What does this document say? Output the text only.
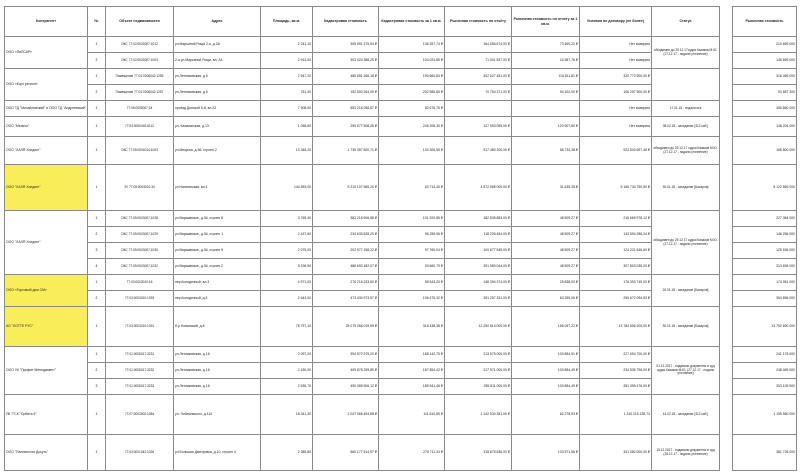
Контрагент	№	Объект недвижимости	Адрес	Площадь, кв.м.	Кадастровая стоимость	Кадастровая стоимость за 1 кв.м.	Рыночная стоимость по отчёту	Рыночная стоимость по отчету за 1 кв.м.	Условия по договору (не более)	Статус		Рыночная стоимость
ООО «ПиЛСАР»	1	ОКС 77:02:0024007:1012	ул.Марьиной Рощи 2-я, д.2А	2 241,10	305 591 375,94 ₽	136 357,74 ₽	164 656 674,00 ₽	73 469,21 ₽	Нет возврата	обходимен до 29.12.17судья Казаков М.Ю. (27.12.17 - подали уточнение)		210 659 000
	2	ОКС 77:02:0024007:1003	2-я ул.Марьиной Рощи, вл. 2А	2 913,00	303 024 388,25 ₽	104 024,85 ₽	71 041 537,00 ₽	24 387,76 ₽	Нет возврата			145 659 000
ООО «Корт регион»	1	Помещение 77:01:0006042:1255	ул.Летниковская, д.5	2 547,20	485 651 266,18 ₽	190 660,83 ₽	302 627 451,00 ₽	118 811,81 ₽	320 772 900,00 ₽			316 469 000
	2	Помещение 77:01:0006042:1257	ул.Летниковская, д.5	751,30	152 500 264,09 ₽	202 985,80 ₽	70 754 371,00 ₽	94 202,00 ₽	106 257 900,00 ₽			93 887 300
ООО ТД "Михайловский" и ООО ТД "Андреевский"	1	77:05:0005007:24	проезд Донской 5-й, вл.23	7 908,00	653 216 058,87 ₽	82 676,76 ₽			Нет возврата	17.01.18 - подали иск		355 860 000
ООО "Менкол"	1	77:03:0000440:5112	ул. Казачинская, д.13	1 058,60	259 577 506,28 ₽	245 208,30 ₽	127 993 059,00 ₽	120 907,80 ₽	Нет возврата	08.02.18 - заседание [312 каб.]		148 204 000
ООО "ХАЛЯ Холдинг"	1	ОКС 77:05:0004014:1003	ул.Мещеня, д.36, строен 2	13 348,20	1 739 357 800,71 ₽	130 306,55 ₽	917 480 200,00 ₽	68 734,38 ₽	922 540 697,48 ₽	обходимен до 29.12.17 судья Казаков М.Ю. (27.12.17 - подали уточнение)		155 800 000
ООО "ХАЛЯ Холдинг"	1	ЗУ 77:05:0004001:34	ул.Нагатинская, вл.1	144 553,00	9 210 107 665,20 ₽	63 714,40 ₽	4 572 985 000,00 ₽	31 635,35 ₽	5 166 734 750,50 ₽	30.01.18 - заседание [Басаров]		5 122 569 000
ООО "ХАЛЯ Холдинг"	1	ОКС 77:05:0003007:1028	ул.Варшавское, д.36, строен 8	3 769,40	383 218 906,88 ₽	101 920,85 ₽	182 835 883,00 ₽	48 505,27 ₽	216 669 978,12 ₽	обходимен до 29.12.17 судья Казаков М.Ю. (27.12.17 - подали уточнение)		227 364 000
	2	ОКС 77:05:0003007:1029	ул.Варшавское, д.36, строен 1	2 437,60	234 633 528,20 ₽	96 255,96 ₽	118 236 454,00 ₽	48 505,27 ₽	143 594 286,24 ₽			146 256 000
	3	ОКС 77:05:0003007:1030	ул.Варшавское, д.36, строен 9	2 075,00	202 977 158,22 ₽	97 760,04 ₽	100 677 545,00 ₽	48 505,27 ₽	124 221 546,60 ₽			125 536 000
	4	ОКС 77:05:0003007:1032	ул.Варшавское, д.36, строен 2	5 196,90	486 693 182,07 ₽	93 660,79 ₽	251 980 044,00 ₽	48 505,27 ₽	307 803 035,20 ₽			313 694 000
ООО «Торговый дом СМ»	1	77:03:0003010:16	пер.Колодезный, вл.3	4 971,00	276 216 233,60 ₽	55 543,20 ₽	148 394 374,00 ₽	29 838,00 ₽	176 393 749,00 ₽	20.01.18 - заседание [Басаров]		174 051 000
	2	77:03:0003010:1093	пер.Колодезный, д.3	2 643,00	473 430 973,57 ₽	106 475,32 ₽	281 257 331,00 ₽	63 255,06 ₽	290 672 094,53 ₽			354 656 000
АО "ЛОТТЕ РУС"	1	77:03:0003010:1091	б-р Новинский, д.8	78 757,10	25 079 266 019,99 ₽	318 438,38 ₽	12 290 614 000,00 ₽	156 057,22 ₽	13 784 596 200,00 ₽	30.01.18 - заседание [Басаров]		13 792 690 000
ООО УК "Профит Менеджмент"	1	77:01:0006017:3231	ул.Летниковская, д.16	2 097,20	394 572 975,20 ₽	188 142,75 ₽	213 575 000,00 ₽	100 884,51 ₽	227 654 700,00 ₽	01.12.2017 - подавали документы в суд судья Казаков М.Ю. (27.12.17 - подали уточнение)		241 178 000
	2	77:01:0006017:3232	ул.Летниковская, д.16	2 150,00	409 878 259,89 ₽	187 854,42 ₽	217 971 000,00 ₽	100 884,49 ₽	234 536 796,00 ₽			248 469 000
	3	77:01:0006017:3233	ул.Летниковская, д.16	2 535,70	490 085 906,12 ₽	185 941,46 ₽	255 811 000,00 ₽	100 884,49 ₽	281 395 476,00 ₽			303 105 500
ПК "ГСК "Орбита 5"	1	77:07:0003002:1084	ул. Лобачевского, д.114	18 341,30	2 047 066 494,58 ₽	111 610,89 ₽	1 142 530 351,00 ₽	62 278,93 ₽	1 240 215 235,73	14.02.18 - заседание [312 каб.]		1 159 560 000
ООО "Паллинстон Досуть"	1	77:03:0001042:1026	ул.Большая Дмитровка, д.10, строен 4	2 385,80	660 177 514,97 ₽	276 711,34 ₽	318 675 636,00 ₽	133 571,56 ₽	341 082 000,00 ₽	15.12.2017 - подавали документы в суд (26.12.17 - подали уточнение)		381 728 000
